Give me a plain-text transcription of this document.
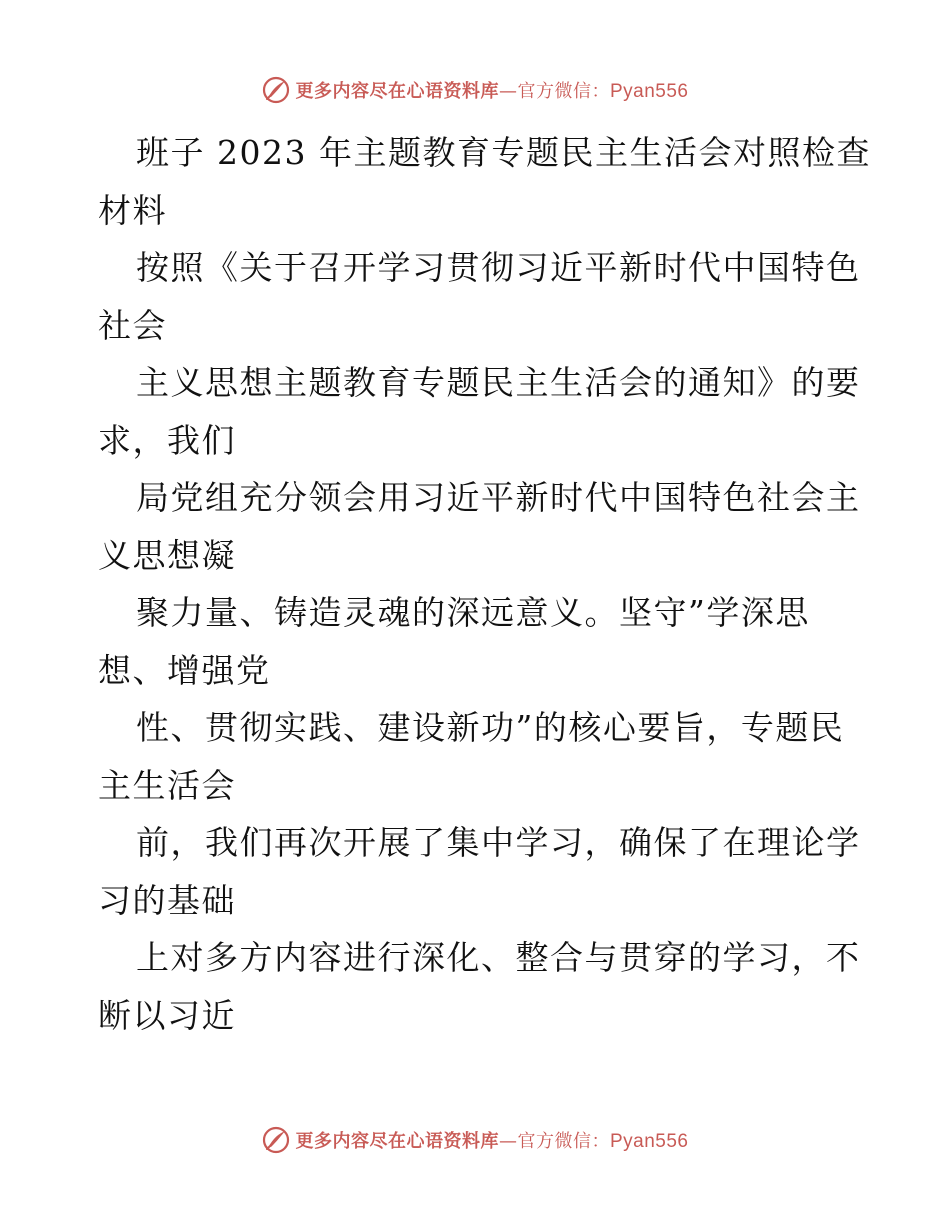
更多内容尽在心语资料库—官方微信：Pyan556
班子 2023 年主题教育专题民主生活会对照检查
材料
按照《关于召开学习贯彻习近平新时代中国特色
社会
主义思想主题教育专题民主生活会的通知》的要
求，我们
局党组充分领会用习近平新时代中国特色社会主
义思想凝
聚力量、铸造灵魂的深远意义。坚守”学深思
想、增强党
性、贯彻实践、建设新功”的核心要旨，专题民
主生活会
前，我们再次开展了集中学习，确保了在理论学
习的基础
上对多方内容进行深化、整合与贯穿的学习，不
断以习近
更多内容尽在心语资料库—官方微信：Pyan556
